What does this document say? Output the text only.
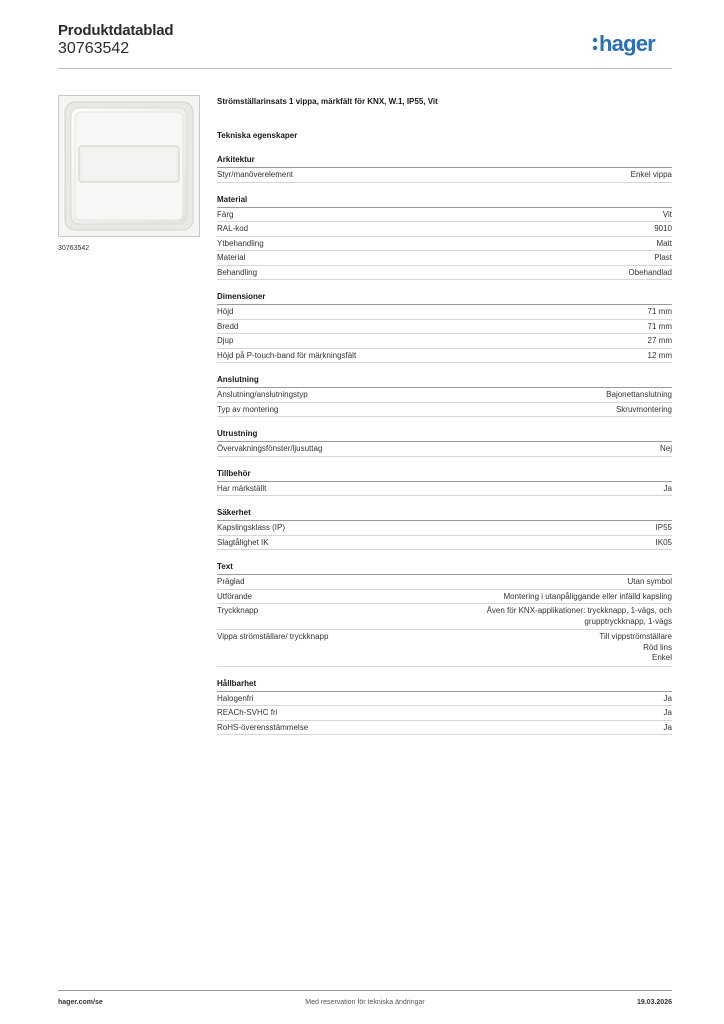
Produktdatablad
30763542	hager
30763542
Strömställarinsats 1 vippa, märkfält för KNX, W.1, IP55, Vit
Tekniska egenskaper
Arkitektur
Styr/manöverelement	Enkel vippa
Material
Färg	Vit
RAL-kod	9010
Ytbehandling	Matt
Material	Plast
Behandling	Obehandlad
Dimensioner
Höjd	71 mm
Bredd	71 mm
Djup	27 mm
Höjd på P-touch-band för märkningsfält	12 mm
Anslutning
Anslutning/anslutningstyp	Bajonettanslutning
Typ av montering	Skruvmontering
Utrustning
Övervakningsfönster/ljusuttag	Nej
Tillbehör
Har märkställt	Ja
Säkerhet
Kapslingsklass (IP)	IP55
Slagtålighet IK	IK05
Text
Präglad	Utan symbol
Utförande	Montering i utanpåliggande eller infälld kapsling
Tryckknapp	Även för KNX-applikationer: tryckknapp, 1-vägs, och
grupptryckknapp, 1-vägs
Vippa strömställare/ tryckknapp	Till vippströmställare
Röd lins
Enkel
Hållbarhet
Halogenfri	Ja
REACh-SVHC fri	Ja
RoHS-överensstämmelse	Ja
hager.com/se	Med reservation för tekniska ändringar	19.03.2026
